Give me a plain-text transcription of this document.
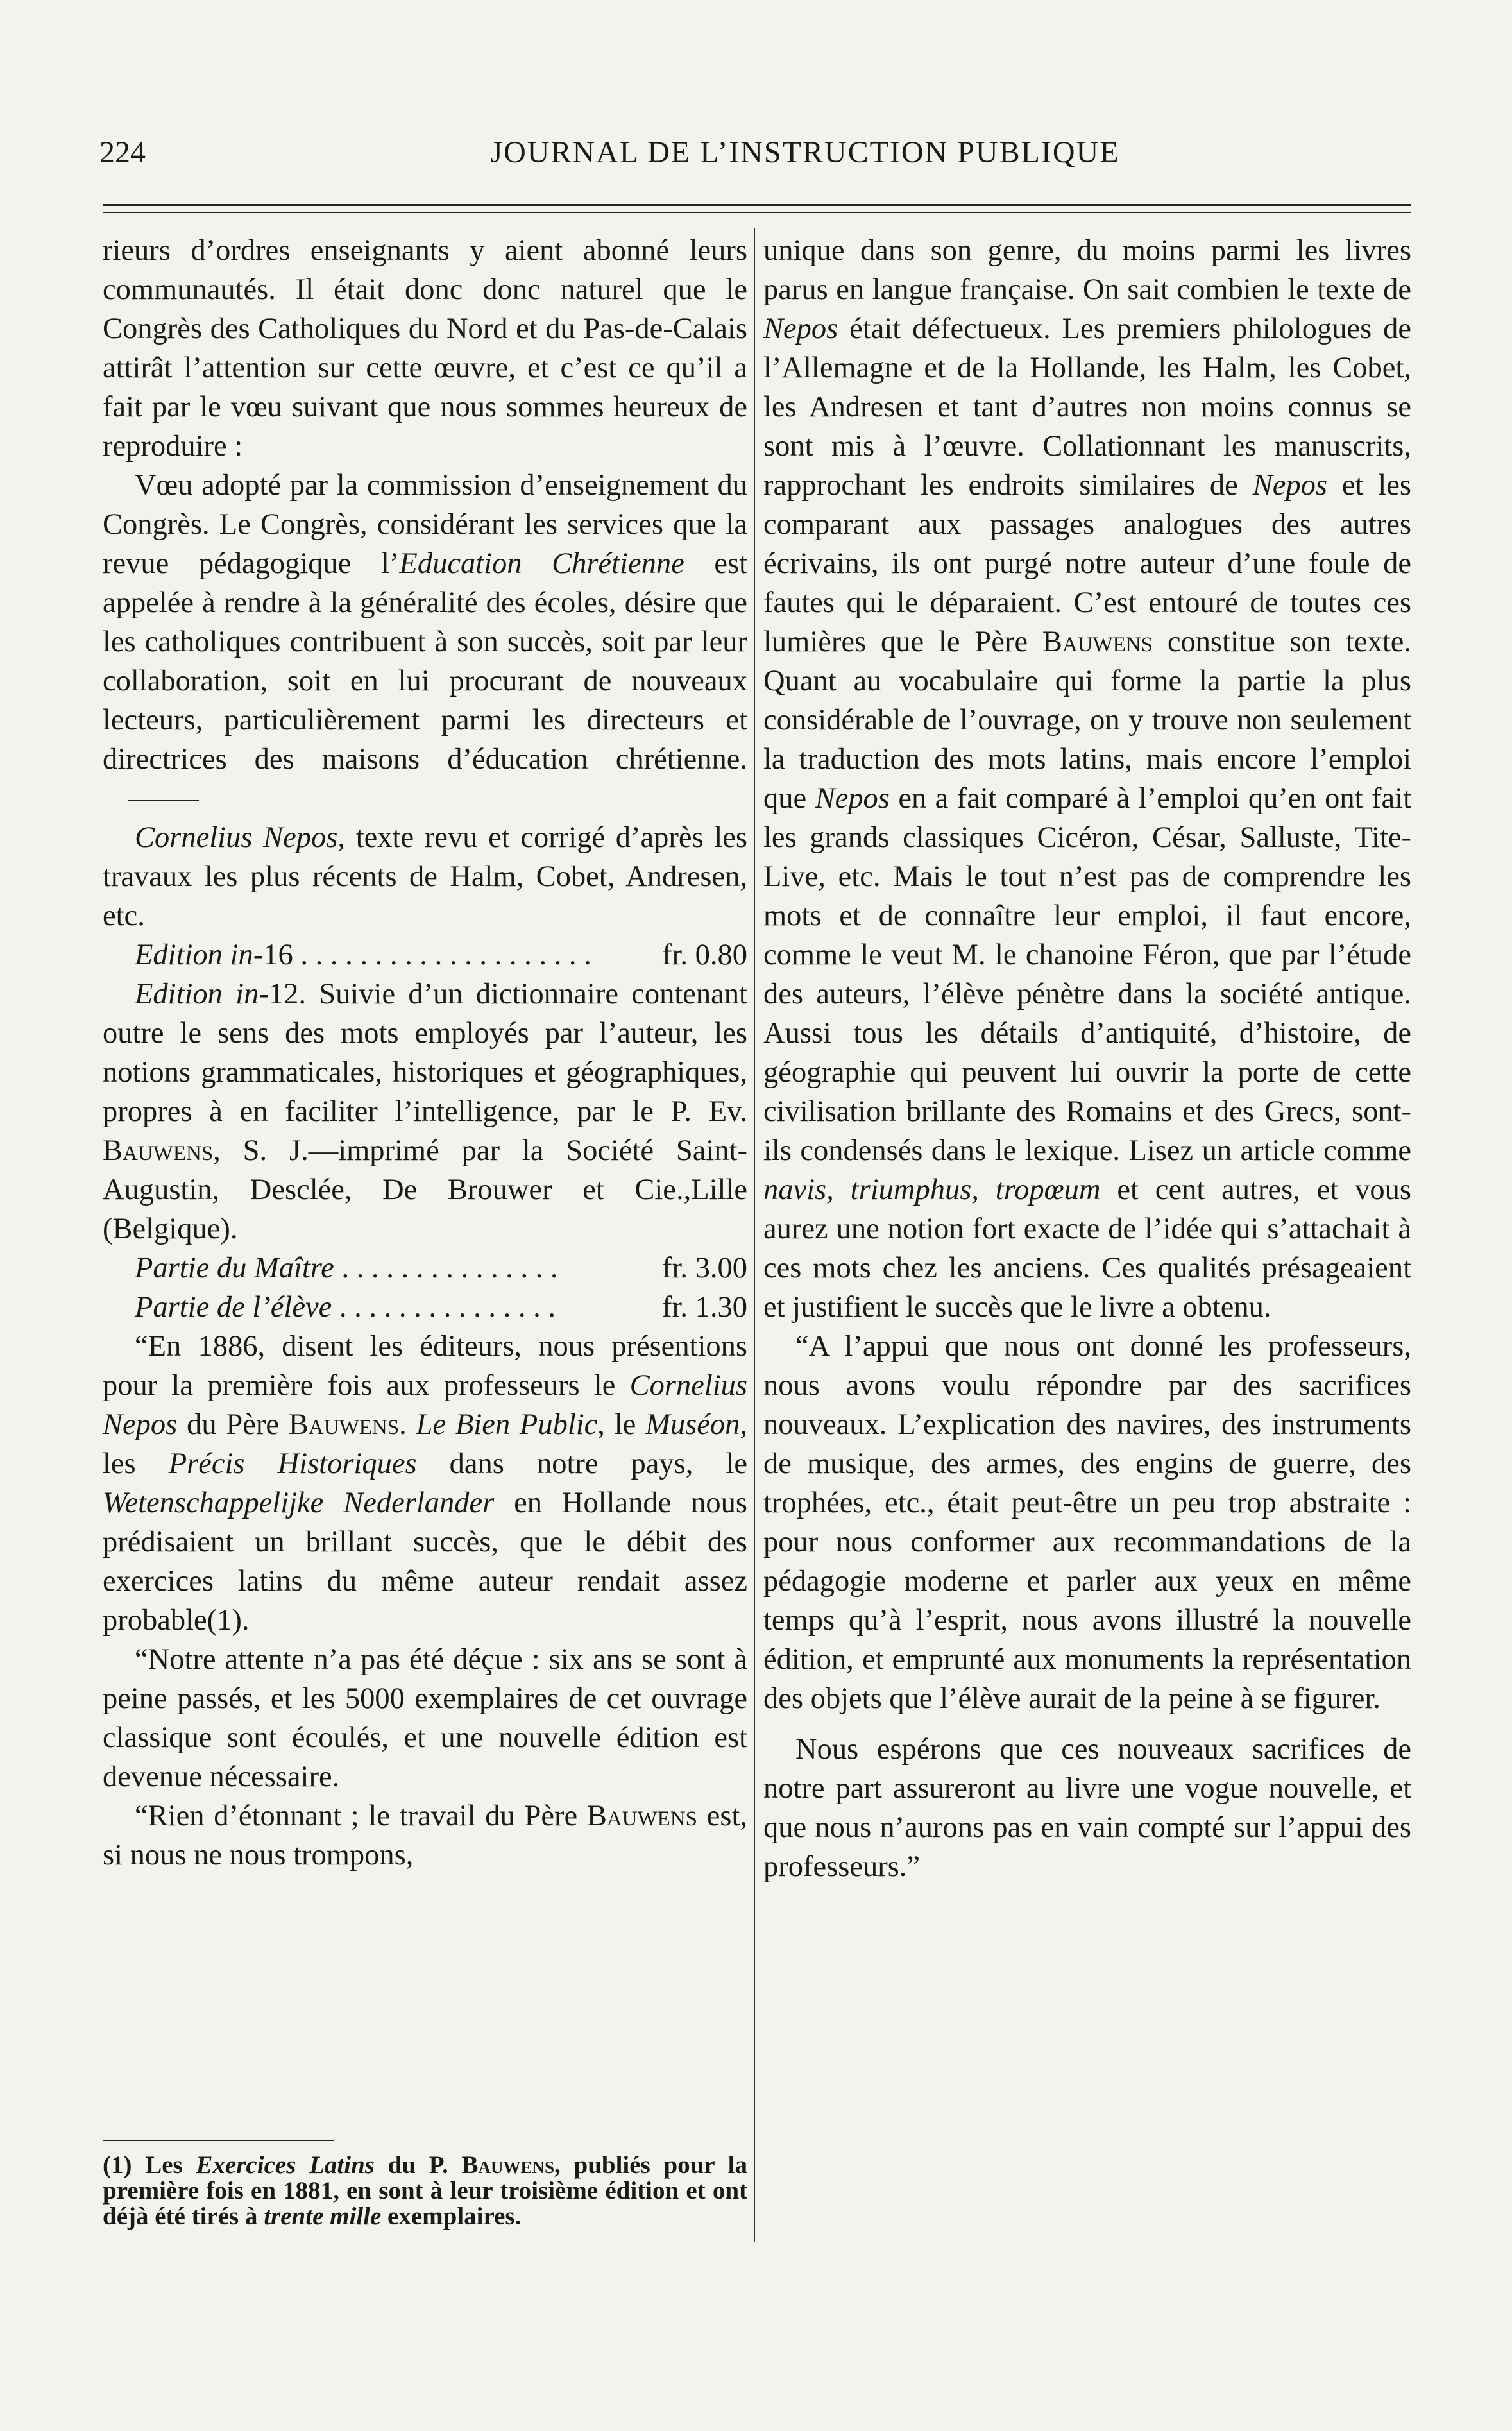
224	JOURNAL DE L’INSTRUCTION PUBLIQUE

rieurs d’ordres enseignants y aient abonné leurs communautés. Il était donc donc naturel que le Congrès des Catholiques du Nord et du Pas-de-Calais attirât l’attention sur cette œuvre, et c’est ce qu’il a fait par le vœu suivant que nous sommes heureux de reproduire :

Vœu adopté par la commission d’enseignement du Congrès. Le Congrès, considérant les services que la revue pédagogique l’Education Chrétienne est appelée à rendre à la généralité des écoles, désire que les catholiques contribuent à son succès, soit par leur collaboration, soit en lui procurant de nouveaux lecteurs, particulièrement parmi les directeurs et directrices des maisons d’éducation chrétienne.

Cornelius Nepos, texte revu et corrigé d’après les travaux les plus récents de Halm, Cobet, Andresen, etc.

Edition in-16 . . . . . . . . . . . . . . . . . . . . fr. 0.80

Edition in-12. Suivie d’un dictionnaire contenant outre le sens des mots employés par l’auteur, les notions grammaticales, historiques et géographiques, propres à en faciliter l’intelligence, par le P. Ev. Bauwens, S. J.—imprimé par la Société Saint-Augustin, Desclée, De Brouwer et Cie.,Lille (Belgique).

Partie du Maître . . . . . . . . . . . . . . .	fr. 3.00
Partie de l’élève . . . . . . . . . . . . . . .	fr. 1.30

“En 1886, disent les éditeurs, nous présentions pour la première fois aux professeurs le Cornelius Nepos du Père Bauwens. Le Bien Public, le Muséon, les Précis Historiques dans notre pays, le Wetenschappelijke Nederlander en Hollande nous prédisaient un brillant succès, que le débit des exercices latins du même auteur rendait assez probable(1).

“Notre attente n’a pas été déçue : six ans se sont à peine passés, et les 5000 exemplaires de cet ouvrage classique sont écoulés, et une nouvelle édition est devenue nécessaire.

“Rien d’étonnant ; le travail du Père Bauwens est, si nous ne nous trompons,

(1) Les Exercices Latins du P. Bauwens, publiés pour la première fois en 1881, en sont à leur troisième édition et ont déjà été tirés à trente mille exemplaires.

unique dans son genre, du moins parmi les livres parus en langue française. On sait combien le texte de Nepos était défectueux. Les premiers philologues de l’Allemagne et de la Hollande, les Halm, les Cobet, les Andresen et tant d’autres non moins connus se sont mis à l’œuvre. Collationnant les manuscrits, rapprochant les endroits similaires de Nepos et les comparant aux passages analogues des autres écrivains, ils ont purgé notre auteur d’une foule de fautes qui le déparaient. C’est entouré de toutes ces lumières que le Père Bauwens constitue son texte. Quant au vocabulaire qui forme la partie la plus considérable de l’ouvrage, on y trouve non seulement la traduction des mots latins, mais encore l’emploi que Nepos en a fait comparé à l’emploi qu’en ont fait les grands classiques Cicéron, César, Salluste, Tite-Live, etc. Mais le tout n’est pas de comprendre les mots et de connaître leur emploi, il faut encore, comme le veut M. le chanoine Féron, que par l’étude des auteurs, l’élève pénètre dans la société antique. Aussi tous les détails d’antiquité, d’histoire, de géographie qui peuvent lui ouvrir la porte de cette civilisation brillante des Romains et des Grecs, sont-ils condensés dans le lexique. Lisez un article comme navis, triumphus, tropœum et cent autres, et vous aurez une notion fort exacte de l’idée qui s’attachait à ces mots chez les anciens. Ces qualités présageaient et justifient le succès que le livre a obtenu.

“A l’appui que nous ont donné les professeurs, nous avons voulu répondre par des sacrifices nouveaux. L’explication des navires, des instruments de musique, des armes, des engins de guerre, des trophées, etc., était peut-être un peu trop abstraite : pour nous conformer aux recommandations de la pédagogie moderne et parler aux yeux en même temps qu’à l’esprit, nous avons illustré la nouvelle édition, et emprunté aux monuments la représentation des objets que l’élève aurait de la peine à se figurer.

Nous espérons que ces nouveaux sacrifices de notre part assureront au livre une vogue nouvelle, et que nous n’aurons pas en vain compté sur l’appui des professeurs.”
